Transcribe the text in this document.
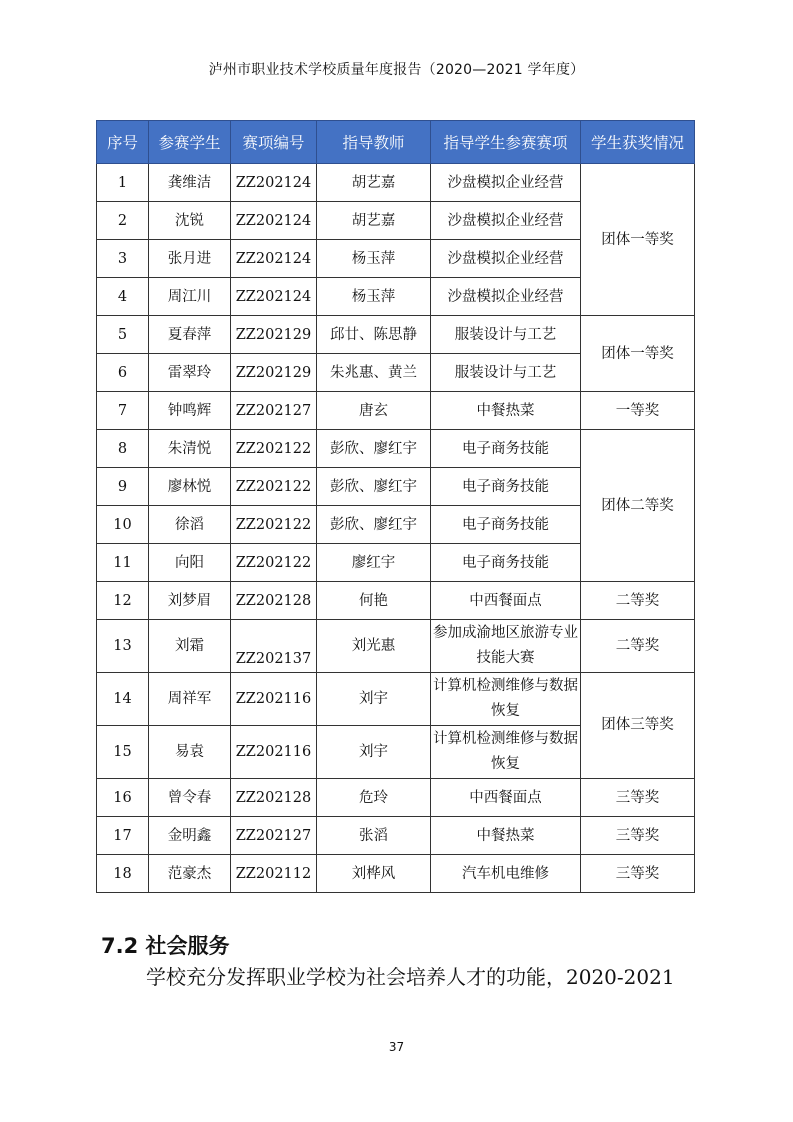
泸州市职业技术学校质量年度报告（2020—2021 学年度）
序号	参赛学生	赛项编号	指导教师	指导学生参赛赛项	学生获奖情况
1	龚维洁	ZZ202124	胡艺嘉	沙盘模拟企业经营	团体一等奖
2	沈锐	ZZ202124	胡艺嘉	沙盘模拟企业经营	
3	张月进	ZZ202124	杨玉萍	沙盘模拟企业经营	
4	周江川	ZZ202124	杨玉萍	沙盘模拟企业经营	
5	夏春萍	ZZ202129	邱廿、陈思静	服装设计与工艺	团体一等奖
6	雷翠玲	ZZ202129	朱兆惠、黄兰	服装设计与工艺	
7	钟鸣辉	ZZ202127	唐玄	中餐热菜	一等奖
8	朱清悦	ZZ202122	彭欣、廖红宇	电子商务技能	团体二等奖
9	廖林悦	ZZ202122	彭欣、廖红宇	电子商务技能	
10	徐滔	ZZ202122	彭欣、廖红宇	电子商务技能	
11	向阳	ZZ202122	廖红宇	电子商务技能	
12	刘梦眉	ZZ202128	何艳	中西餐面点	二等奖
13	刘霜	ZZ202137	刘光惠	参加成渝地区旅游专业技能大赛	二等奖
14	周祥军	ZZ202116	刘宇	计算机检测维修与数据恢复	团体三等奖
15	易袁	ZZ202116	刘宇	计算机检测维修与数据恢复	
16	曾令春	ZZ202128	危玲	中西餐面点	三等奖
17	金明鑫	ZZ202127	张滔	中餐热菜	三等奖
18	范豪杰	ZZ202112	刘桦风	汽车机电维修	三等奖
7.2 社会服务
学校充分发挥职业学校为社会培养人才的功能，2020-2021
37
